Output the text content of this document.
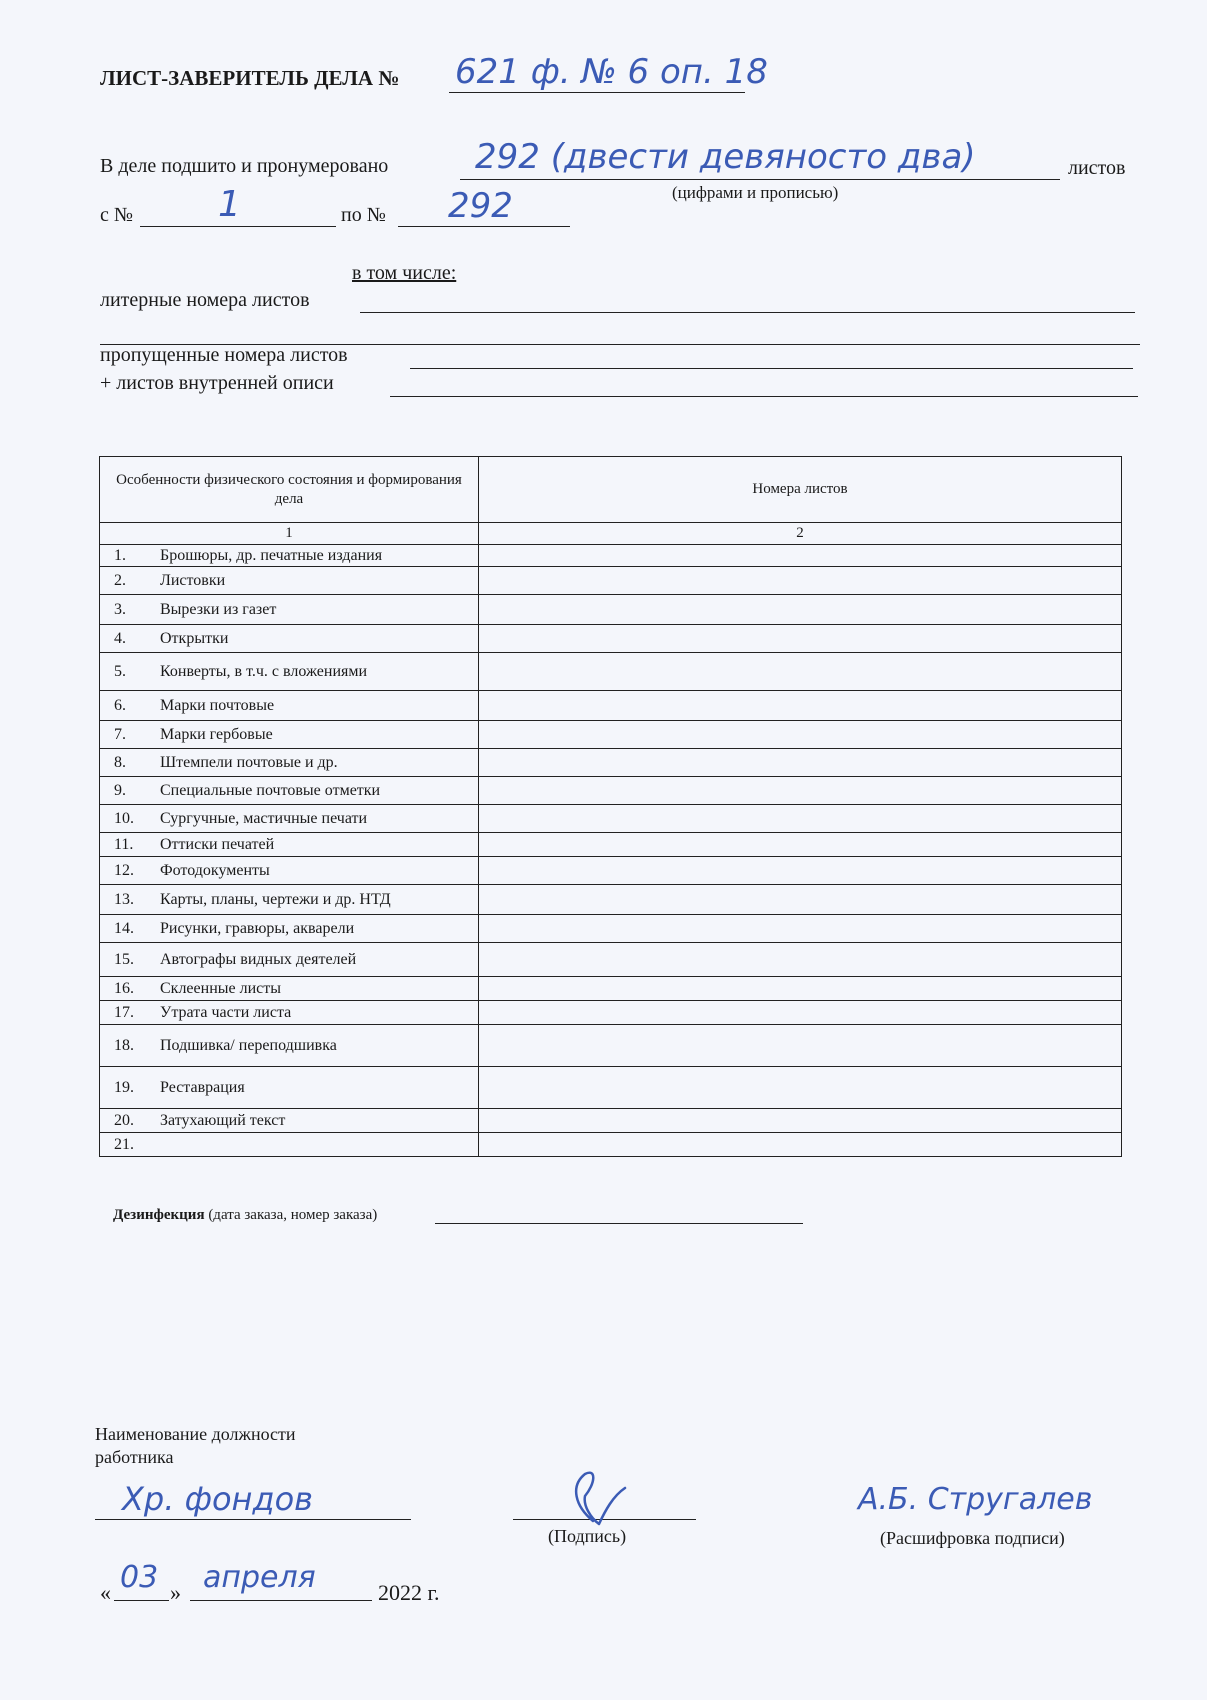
ЛИСТ-ЗАВЕРИТЕЛЬ ДЕЛА № 621 ф. № 6 оп. 18
В деле подшито и пронумеровано	292 (двести девяносто два)	листов
(цифрами и прописью)
с № 1	по № 292
в том числе:
литерные номера листов
пропущенные номера листов
+ листов внутренней описи
Особенности физического состояния и формирования дела		Номера листов
1		2
1.	Брошюры, др. печатные издания	
2.	Листовки	
3.	Вырезки из газет	
4.	Открытки	
5.	Конверты, в т.ч. с вложениями	
6.	Марки почтовые	
7.	Марки гербовые	
8.	Штемпели почтовые и др.	
9.	Специальные почтовые отметки	
10.	Сургучные, мастичные печати	
11.	Оттиски печатей	
12.	Фотодокументы	
13.	Карты, планы, чертежи и др. НТД	
14.	Рисунки, гравюры, акварели	
15.	Автографы видных деятелей	
16.	Склеенные листы	
17.	Утрата части листа	
18.	Подшивка/ переподшивка	
19.	Реставрация	
20.	Затухающий текст	
21.		
Дезинфекция (дата заказа, номер заказа)
Наименование должности
работника
Хр. фондов
(Подпись)
А.Б. Стругалев
(Расшифровка подписи)
« 03 » апреля	2022 г.
